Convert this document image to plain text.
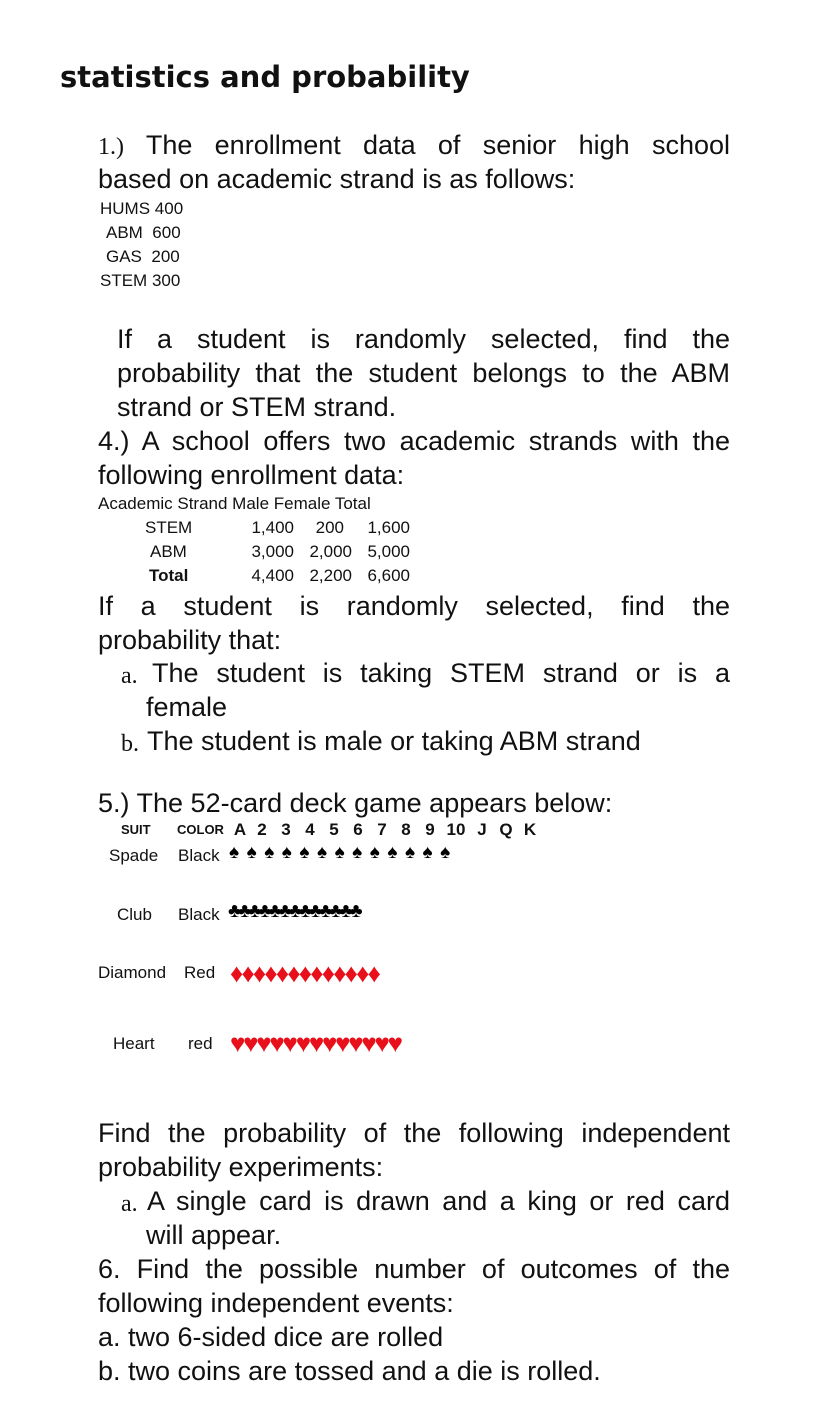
statistics and probability
1.) The enrollment data of senior high school
based on academic strand is as follows:
HUMS 400
ABM 600
GAS 200
STEM 300
If a student is randomly selected, find the
probability that the student belongs to the ABM
strand or STEM strand.
4.) A school offers two academic strands with the
following enrollment data:
Academic Strand Male Female Total
STEM	1,400	200	1,600
ABM	3,000 2,000 5,000
Total	4,400 2,200 6,600
If a student is randomly selected, find the
probability that:
a. The student is taking STEM strand or is a
female
b. The student is male or taking ABM strand
5.) The 52-card deck game appears below:
SUIT COLOR A 2 3 4 5 6 7 8 9 10 J Q K
Spade Black ♠♠♠♠♠♠♠♠♠♠♠♠♠
Club Black ♣♣♣♣♣♣♣♣♣♣♣♣♣
Diamond Red ♦♦♦♦♦♦♦♦♦♦♦♦♦
Heart red ♥♥♥♥♥♥♥♥♥♥♥♥♥
Find the probability of the following independent
probability experiments:
a. A single card is drawn and a king or red card
will appear.
6. Find the possible number of outcomes of the
following independent events:
a. two 6-sided dice are rolled
b. two coins are tossed and a die is rolled.
